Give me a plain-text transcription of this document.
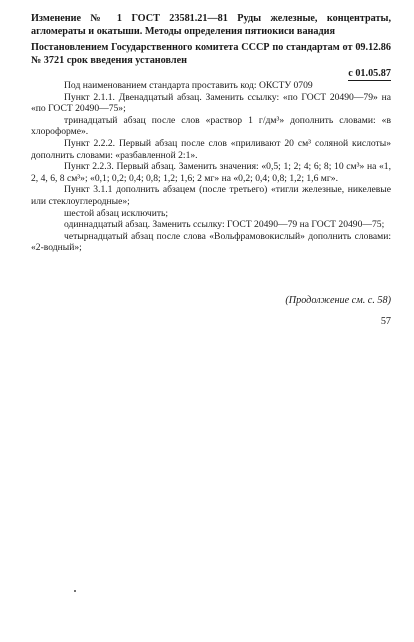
Изменение № 1 ГОСТ 23581.21—81 Руды железные, концентраты, агломераты и окатыши. Методы определения пятиокиси ванадия

Постановлением Государственного комитета СССР по стандартам от 09.12.86 № 3721 срок введения установлен

с 01.05.87

Под наименованием стандарта проставить код: ОКСТУ 0709

Пункт 2.1.1. Двенадцатый абзац. Заменить ссылку: «по ГОСТ 20490—79» на «по ГОСТ 20490—75»;

тринадцатый абзац после слов «раствор 1 г/дм³» дополнить словами: «в хлороформе».

Пункт 2.2.2. Первый абзац после слов «приливают 20 см³ соляной кислоты» дополнить словами: «разбавленной 2:1».

Пункт 2.2.3. Первый абзац. Заменить значения: «0,5; 1; 2; 4; 6; 8; 10 см³» на «1, 2, 4, 6, 8 см³»; «0,1; 0,2; 0,4; 0,8; 1,2; 1,6; 2 мг» на «0,2; 0,4; 0,8; 1,2; 1,6 мг».

Пункт 3.1.1 дополнить абзацем (после третьего) «тигли железные, никелевые или стеклоуглеродные»;

шестой абзац исключить;

одиннадцатый абзац. Заменить ссылку: ГОСТ 20490—79 на ГОСТ 20490—75;

четырнадцатый абзац после слова «Вольфрамовокислый» дополнить словами: «2-водный»;

(Продолжение см. с. 58)
57
